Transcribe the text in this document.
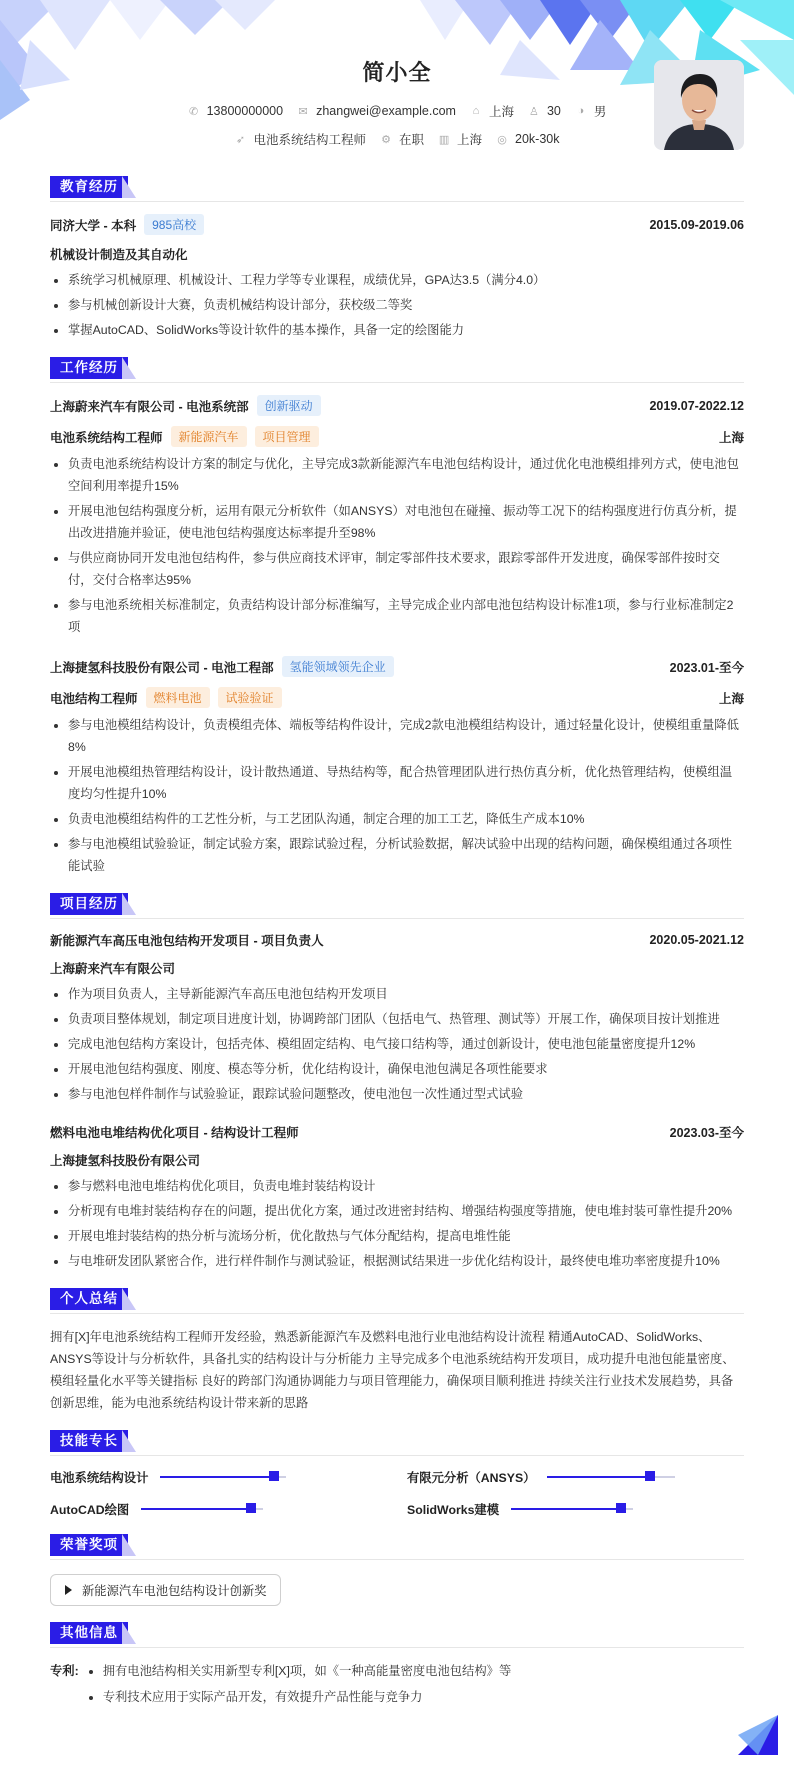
简小全
✆ 13800000000 ✉ zhangwei@example.com ⌂ 上海 ♙ 30 ◑ 男
➶ 电池系统结构工程师 ⚙ 在职 ▥ 上海 ◎ 20k-30k
教育经历
同济大学 - 本科	985高校	2015.09-2019.06
机械设计制造及其自动化
系统学习机械原理、机械设计、工程力学等专业课程，成绩优异，GPA达3.5（满分4.0）
参与机械创新设计大赛，负责机械结构设计部分，获校级二等奖
掌握AutoCAD、SolidWorks等设计软件的基本操作，具备一定的绘图能力
工作经历
上海蔚来汽车有限公司 - 电池系统部	创新驱动	2019.07-2022.12
电池系统结构工程师	新能源汽车	项目管理	上海
负责电池系统结构设计方案的制定与优化，主导完成3款新能源汽车电池包结构设计，通过优化电池模组排列方式，使电池包空间利用率提升15%
开展电池包结构强度分析，运用有限元分析软件（如ANSYS）对电池包在碰撞、振动等工况下的结构强度进行仿真分析，提出改进措施并验证，使电池包结构强度达标率提升至98%
与供应商协同开发电池包结构件，参与供应商技术评审，制定零部件技术要求，跟踪零部件开发进度，确保零部件按时交付，交付合格率达95%
参与电池系统相关标准制定，负责结构设计部分标准编写，主导完成企业内部电池包结构设计标准1项，参与行业标准制定2项
上海捷氢科技股份有限公司 - 电池工程部	氢能领域领先企业	2023.01-至今
电池结构工程师	燃料电池	试验验证	上海
参与电池模组结构设计，负责模组壳体、端板等结构件设计，完成2款电池模组结构设计，通过轻量化设计，使模组重量降低8%
开展电池模组热管理结构设计，设计散热通道、导热结构等，配合热管理团队进行热仿真分析，优化热管理结构，使模组温度均匀性提升10%
负责电池模组结构件的工艺性分析，与工艺团队沟通，制定合理的加工工艺，降低生产成本10%
参与电池模组试验验证，制定试验方案，跟踪试验过程，分析试验数据，解决试验中出现的结构问题，确保模组通过各项性能试验
项目经历
新能源汽车高压电池包结构开发项目 - 项目负责人	2020.05-2021.12
上海蔚来汽车有限公司
作为项目负责人，主导新能源汽车高压电池包结构开发项目
负责项目整体规划，制定项目进度计划，协调跨部门团队（包括电气、热管理、测试等）开展工作，确保项目按计划推进
完成电池包结构方案设计，包括壳体、模组固定结构、电气接口结构等，通过创新设计，使电池包能量密度提升12%
开展电池包结构强度、刚度、模态等分析，优化结构设计，确保电池包满足各项性能要求
参与电池包样件制作与试验验证，跟踪试验问题整改，使电池包一次性通过型式试验
燃料电池电堆结构优化项目 - 结构设计工程师	2023.03-至今
上海捷氢科技股份有限公司
参与燃料电池电堆结构优化项目，负责电堆封装结构设计
分析现有电堆封装结构存在的问题，提出优化方案，通过改进密封结构、增强结构强度等措施，使电堆封装可靠性提升20%
开展电堆封装结构的热分析与流场分析，优化散热与气体分配结构，提高电堆性能
与电堆研发团队紧密合作，进行样件制作与测试验证，根据测试结果进一步优化结构设计，最终使电堆功率密度提升10%
个人总结
拥有[X]年电池系统结构工程师开发经验，熟悉新能源汽车及燃料电池行业电池结构设计流程 精通AutoCAD、SolidWorks、ANSYS等设计与分析软件，具备扎实的结构设计与分析能力 主导完成多个电池系统结构开发项目，成功提升电池包能量密度、模组轻量化水平等关键指标 良好的跨部门沟通协调能力与项目管理能力，确保项目顺利推进 持续关注行业技术发展趋势，具备创新思维，能为电池系统结构设计带来新的思路
技能专长
电池系统结构设计	有限元分析（ANSYS）
AutoCAD绘图	SolidWorks建模
荣誉奖项
新能源汽车电池包结构设计创新奖
其他信息
专利:	拥有电池结构相关实用新型专利[X]项，如《一种高能量密度电池包结构》等
专利技术应用于实际产品开发，有效提升产品性能与竞争力
